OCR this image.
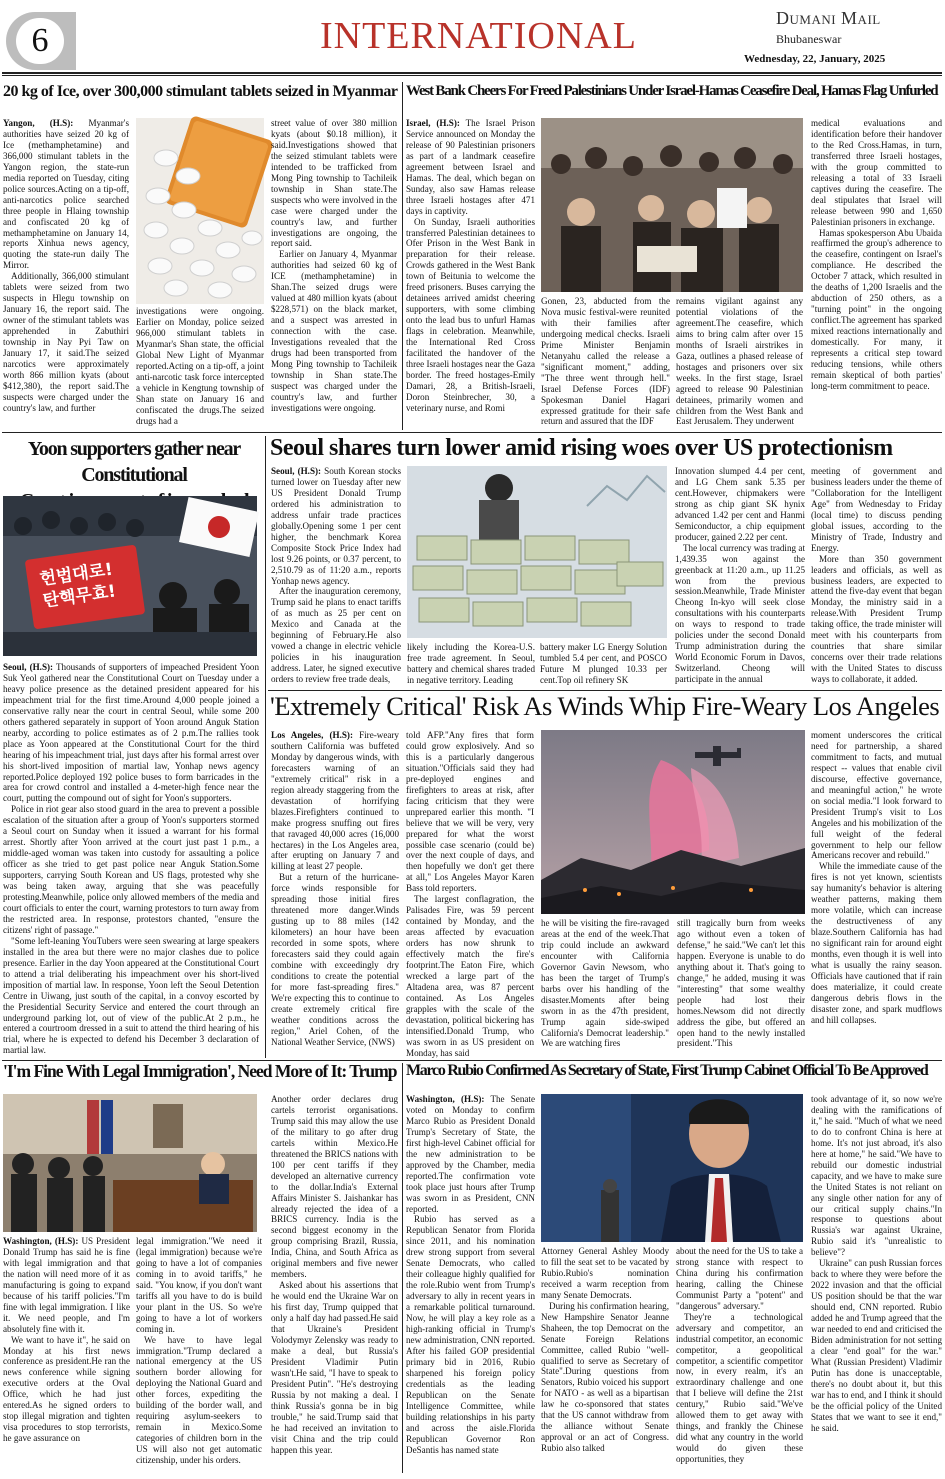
6	INTERNATIONAL	Dumani Mail
Bhubaneswar
Wednesday, 22, January, 2025
20 kg of Ice, over 300,000 stimulant tablets seized in Myanmar

Yangon, (H.S): Myanmar's authorities have seized 20 kg of Ice (methamphetamine) and 366,000 stimulant tablets in the Yangon region, the state-run media reported on Tuesday, citing police sources.Acting on a tip-off, anti-narcotics police searched three people in Hlaing township and confiscated 20 kg of methamphetamine on January 14, reports Xinhua news agency, quoting the state-run daily The Mirror.

Additionally, 366,000 stimulant tablets were seized from two suspects in Hlegu township on January 16, the report said. The owner of the stimulant tablets was apprehended in Zabuthiri township in Nay Pyi Taw on January 17, it said.The seized narcotics were approximately worth 866 million kyats (about $412,380), the report said.The suspects were charged under the country's law, and further

investigations were ongoing. Earlier on Monday, police seized 966,000 stimulant tablets in Myanmar's Shan state, the official Global New Light of Myanmar reported.Acting on a tip-off, a joint anti-narcotic task force intercepted a vehicle in Kengtung township of Shan state on January 16 and confiscated the drugs.The seized drugs had a

street value of over 380 million kyats (about $0.18 million), it said.Investigations showed that the seized stimulant tablets were intended to be trafficked from Mong Ping township to Tachileik township in Shan state.The suspects who were involved in the case were charged under the country's law, and further investigations are ongoing, the report said.

Earlier on January 4, Myanmar authorities had seized 60 kg of ICE (methamphetamine) in Shan.The seized drugs were valued at 480 million kyats (about $228,571) on the black market, and a suspect was arrested in connection with the case. Investigations revealed that the drugs had been transported from Mong Ping township to Tachileik township in Shan state.The suspect was charged under the country's law, and further investigations were ongoing.

West Bank Cheers For Freed Palestinians Under Israel-Hamas Ceasefire Deal, Hamas Flag Unfurled

Israel, (H.S): The Israel Prison Service announced on Monday the release of 90 Palestinian prisoners as part of a landmark ceasefire agreement between Israel and Hamas. The deal, which began on Sunday, also saw Hamas release three Israeli hostages after 471 days in captivity.

On Sunday, Israeli authorities transferred Palestinian detainees to Ofer Prison in the West Bank in preparation for their release. Crowds gathered in the West Bank town of Beitunia to welcome the freed prisoners. Buses carrying the detainees arrived amidst cheering supporters, with some climbing onto the lead bus to unfurl Hamas flags in celebration. Meanwhile, the International Red Cross facilitated the handover of the three Israeli hostages near the Gaza border. The freed hostages-Emily Damari, 28, a British-Israeli, Doron Steinbrecher, 30, a veterinary nurse, and Romi

Gonen, 23, abducted from the Nova music festival-were reunited with their families after undergoing medical checks. Israeli Prime Minister Benjamin Netanyahu called the release a "significant moment," adding, "The three went through hell." Israel Defense Forces (IDF) Spokesman Daniel Hagari expressed gratitude for their safe return and assured that the IDF

remains vigilant against any potential violations of the agreement.The ceasefire, which aims to bring calm after over 15 months of Israeli airstrikes in Gaza, outlines a phased release of hostages and prisoners over six weeks. In the first stage, Israel agreed to release 90 Palestinian detainees, primarily women and children from the West Bank and East Jerusalem. They underwent

medical evaluations and identification before their handover to the Red Cross.Hamas, in turn, transferred three Israeli hostages, with the group committed to releasing a total of 33 Israeli captives during the ceasefire. The deal stipulates that Israel will release between 990 and 1,650 Palestinian prisoners in exchange.

Hamas spokesperson Abu Ubaida reaffirmed the group's adherence to the ceasefire, contingent on Israel's compliance. He described the October 7 attack, which resulted in the deaths of 1,200 Israelis and the abduction of 250 others, as a "turning point" in the ongoing conflict.The agreement has sparked mixed reactions internationally and domestically. For many, it represents a critical step toward reducing tensions, while others remain skeptical of both parties' long-term commitment to peace.

Yoon supporters gather near Constitutional
헌법대로!
탄핵무효!

Seoul, (H.S): Thousands of supporters of impeached President Yoon Suk Yeol gathered near the Constitutional Court on Tuesday under a heavy police presence as the detained president appeared for his impeachment trial for the first time.Around 4,000 people joined a conservative rally near the court in central Seoul, while some 200 others gathered separately in support of Yoon around Anguk Station nearby, according to police estimates as of 2 p.m.The rallies took place as Yoon appeared at the Constitutional Court for the third hearing of his impeachment trial, just days after his formal arrest over his short-lived imposition of martial law, Yonhap news agency reported.Police deployed 192 police buses to form barricades in the area for crowd control and installed a 4-meter-high fence near the court, putting the compound out of sight for Yoon's supporters.

Police in riot gear also stood guard in the area to prevent a possible escalation of the situation after a group of Yoon's supporters stormed a Seoul court on Sunday when it issued a warrant for his formal arrest. Shortly after Yoon arrived at the court just past 1 p.m., a middle-aged woman was taken into custody for assaulting a police officer as she tried to get past police near Anguk Station.Some supporters, carrying South Korean and US flags, protested why she was being taken away, arguing that she was peacefully protesting.Meanwhile, police only allowed members of the media and court officials to enter the court, warning protestors to turn away from the restricted area. In response, protestors chanted, "ensure the citizens' right of passage."

"Some left-leaning YouTubers were seen swearing at large speakers installed in the area but there were no major clashes due to police presence. Earlier in the day Yoon appeared at the Constitutional Court to attend a trial deliberating his impeachment over his short-lived imposition of martial law. In response, Yoon left the Seoul Detention Centre in Uiwang, just south of the capital, in a convoy escorted by the Presidential Security Service and entered the court through an underground parking lot, out of view of the public.At 2 p.m., he entered a courtroom dressed in a suit to attend the third hearing of his trial, where he is expected to defend his December 3 declaration of martial law.

Seoul shares turn lower amid rising woes over US protectionism

Seoul, (H.S): South Korean stocks turned lower on Tuesday after new US President Donald Trump ordered his administration to address unfair trade practices globally.Opening some 1 per cent higher, the benchmark Korea Composite Stock Price Index had lost 9.26 points, or 0.37 percent, to 2,510.79 as of 11:20 a.m., reports Yonhap news agency.

After the inauguration ceremony, Trump said he plans to enact tariffs of as much as 25 per cent on Mexico and Canada at the beginning of February.He also vowed a change in electric vehicle policies in his inauguration address. Later, he signed executive orders to review free trade deals,

likely including the Korea-U.S. free trade agreement. In Seoul, battery and chemical shares traded in negative territory. Leading

battery maker LG Energy Solution tumbled 5.4 per cent, and POSCO Future M plunged 10.33 per cent.Top oil refinery SK

Innovation slumped 4.4 per cent, and LG Chem sank 5.35 per cent.However, chipmakers were strong as chip giant SK hynix advanced 1.42 per cent and Hanmi Semiconductor, a chip equipment producer, gained 2.22 per cent.

The local currency was trading at 1,439.35 won against the greenback at 11:20 a.m., up 11.25 won from the previous session.Meanwhile, Trade Minister Cheong In-kyo will seek close consultations with his counterparts on ways to respond to trade policies under the second Donald Trump administration during the World Economic Forum in Davos, Switzerland. Cheong will participate in the annual

meeting of government and business leaders under the theme of "Collaboration for the Intelligent Age" from Wednesday to Friday (local time) to discuss pending global issues, according to the Ministry of Trade, Industry and Energy.

More than 350 government leaders and officials, as well as business leaders, are expected to attend the five-day event that began Monday, the ministry said in a release.With President Trump taking office, the trade minister will meet with his counterparts from countries that share similar concerns over their trade relations with the United States to discuss ways to collaborate, it added.

'Extremely Critical' Risk As Winds Whip Fire-Weary Los Angeles

Los Angeles, (H.S): Fire-weary southern California was buffeted Monday by dangerous winds, with forecasters warning of an "extremely critical" risk in a region already staggering from the devastation of horrifying blazes.Firefighters continued to make progress snuffing out fires that ravaged 40,000 acres (16,000 hectares) in the Los Angeles area, after erupting on January 7 and killing at least 27 people.

But a return of the hurricane-force winds responsible for spreading those initial fires threatened more danger.Winds gusting up to 88 miles (142 kilometers) an hour have been recorded in some spots, where forecasters said they could again combine with exceedingly dry conditions to create the potential for more fast-spreading fires." We're expecting this to continue to create extremely critical fire weather conditions across the region," Ariel Cohen, of the National Weather Service, (NWS)

told AFP."Any fires that form could grow explosively. And so this is a particularly dangerous situation."Officials said they had pre-deployed engines and firefighters to areas at risk, after facing criticism that they were unprepared earlier this month. "I believe that we will be very, very prepared for what the worst possible case scenario (could be) over the next couple of days, and then hopefully we don't get there at all," Los Angeles Mayor Karen Bass told reporters.

The largest conflagration, the Palisades Fire, was 59 percent contained by Monday, and the areas affected by evacuation orders has now shrunk to effectively match the fire's footprint.The Eaton Fire, which wrecked a large part of the Altadena area, was 87 percent contained. As Los Angeles grapples with the scale of the devastation, political bickering has intensified.Donald Trump, who was sworn in as US president on Monday, has said

he will be visiting the fire-ravaged areas at the end of the week.That trip could include an awkward encounter with California Governor Gavin Newsom, who has been the target of Trump's barbs over his handling of the disaster.Moments after being sworn in as the 47th president, Trump again side-swiped California's Democrat leadership." We are watching fires

still tragically burn from weeks ago without even a token of defense," he said."We can't let this happen. Everyone is unable to do anything about it. That's going to change," he added, musing it was "interesting" that some wealthy people had lost their homes.Newsom did not directly address the gibe, but offered an open hand to the newly installed president."This

moment underscores the critical need for partnership, a shared commitment to facts, and mutual respect -- values that enable civil discourse, effective governance, and meaningful action," he wrote on social media."I look forward to President Trump's visit to Los Angeles and his mobilization of the full weight of the federal government to help our fellow Americans recover and rebuild."

While the immediate cause of the fires is not yet known, scientists say humanity's behavior is altering weather patterns, making them more volatile, which can increase the destructiveness of any blaze.Southern California has had no significant rain for around eight months, even though it is well into what is usually the rainy season. Officials have cautioned that if rain does materialize, it could create dangerous debris flows in the disaster zone, and spark mudflows and hill collapses.

'I'm Fine With Legal Immigration', Need More of It: Trump

Washington, (H.S): US President Donald Trump has said he is fine with legal immigration and that the nation will need more of it as manufacturing is going to expand because of his tariff policies."I'm fine with legal immigration. I like it. We need people, and I'm absolutely fine with it.

We want to have it", he said on Monday at his first news conference as president.He ran the news conference while signing executive orders at the Oval Office, which he had just entered.As he signed orders to stop illegal migration and tighten visa procedures to stop terrorists, he gave assurance on

legal immigration."We need it (legal immigration) because we're going to have a lot of companies coming in to avoid tariffs," he said. "You know, if you don't want tariffs all you have to do is build your plant in the US. So we're going to have a lot of workers coming in.

We have to have legal immigration."Trump declared a national emergency at the US southern border allowing for deploying the National Guard and other forces, expediting the building of the border wall, and requiring asylum-seekers to remain in Mexico.Some categories of children born in the US will also not get automatic citizenship, under his orders.

Another order declares drug cartels terrorist organisations. Trump said this may allow the use of the military to go after drug cartels within Mexico.He threatened the BRICS nations with 100 per cent tariffs if they developed an alternative currency to the dollar.India's External Affairs Minister S. Jaishankar has already rejected the idea of a BRICS currency. India is the second biggest economy in the group comprising Brazil, Russia, India, China, and South Africa as original members and five newer members.

Asked about his assertions that he would end the Ukraine War on his first day, Trump quipped that only a half day had passed.He said that Ukraine's President Volodymyr Zelensky was ready to make a deal, but Russia's President Vladimir Putin wasn't.He said, "I have to speak to President Putin". "He's destroying Russia by not making a deal. I think Russia's gonna be in big trouble," he said.Trump said that he had received an invitation to visit China and the trip could happen this year.

Marco Rubio Confirmed As Secretary of State, First Trump Cabinet Official To Be Approved

Washington, (H.S): The Senate voted on Monday to confirm Marco Rubio as President Donald Trump's Secretary of State, the first high-level Cabinet official for the new administration to be approved by the Chamber, media reported.The confirmation vote took place just hours after Trump was sworn in as President, CNN reported.

Rubio has served as a Republican Senator from Florida since 2011, and his nomination drew strong support from several Senate Democrats, who called their colleague highly qualified for the role.Rubio went from Trump's adversary to ally in recent years in a remarkable political turnaround. Now, he will play a key role as a high-ranking official in Trump's new administration, CNN reported. After his failed GOP presidential primary bid in 2016, Rubio sharpened his foreign policy credentials as the leading Republican on the Senate Intelligence Committee, while building relationships in his party and across the aisle.Florida Republican Governor Ron DeSantis has named state

Attorney General Ashley Moody to fill the seat set to be vacated by Rubio.Rubio's nomination received a warm reception from many Senate Democrats.

During his confirmation hearing, New Hampshire Senator Jeanne Shaheen, the top Democrat on the Senate Foreign Relations Committee, called Rubio "well-qualified to serve as Secretary of State".During questions from Senators, Rubio voiced his support for NATO - as well as a bipartisan law he co-sponsored that states that the US cannot withdraw from the alliance without Senate approval or an act of Congress. Rubio also talked

about the need for the US to take a strong stance with respect to China during his confirmation hearing, calling the Chinese Communist Party a "potent" and "dangerous" adversary."

They're a technological adversary and competitor, an industrial competitor, an economic competitor, a geopolitical competitor, a scientific competitor now, in every realm, it's an extraordinary challenge and one that I believe will define the 21st century," Rubio said."We've allowed them to get away with things, and frankly the Chinese did what any country in the world would do given these opportunities, they

took advantage of it, so now we're dealing with the ramifications of it," he said. "Much of what we need to do to confront China is here at home. It's not just abroad, it's also here at home," he said."We have to rebuild our domestic industrial capacity, and we have to make sure the United States is not reliant on any single other nation for any of our critical supply chains."In response to questions about Russia's war against Ukraine, Rubio said it's "unrealistic to believe"?

Ukraine" can push Russian forces back to where they were before the 2022 invasion and that the official US position should be that the war should end, CNN reported. Rubio added he and Trump agreed that the war needed to end and criticised the Biden administration for not setting a clear "end goal" for the war." What (Russian President) Vladimir Putin has done is unacceptable, there's no doubt about it, but this war has to end, and I think it should be the official policy of the United States that we want to see it end," he said.
